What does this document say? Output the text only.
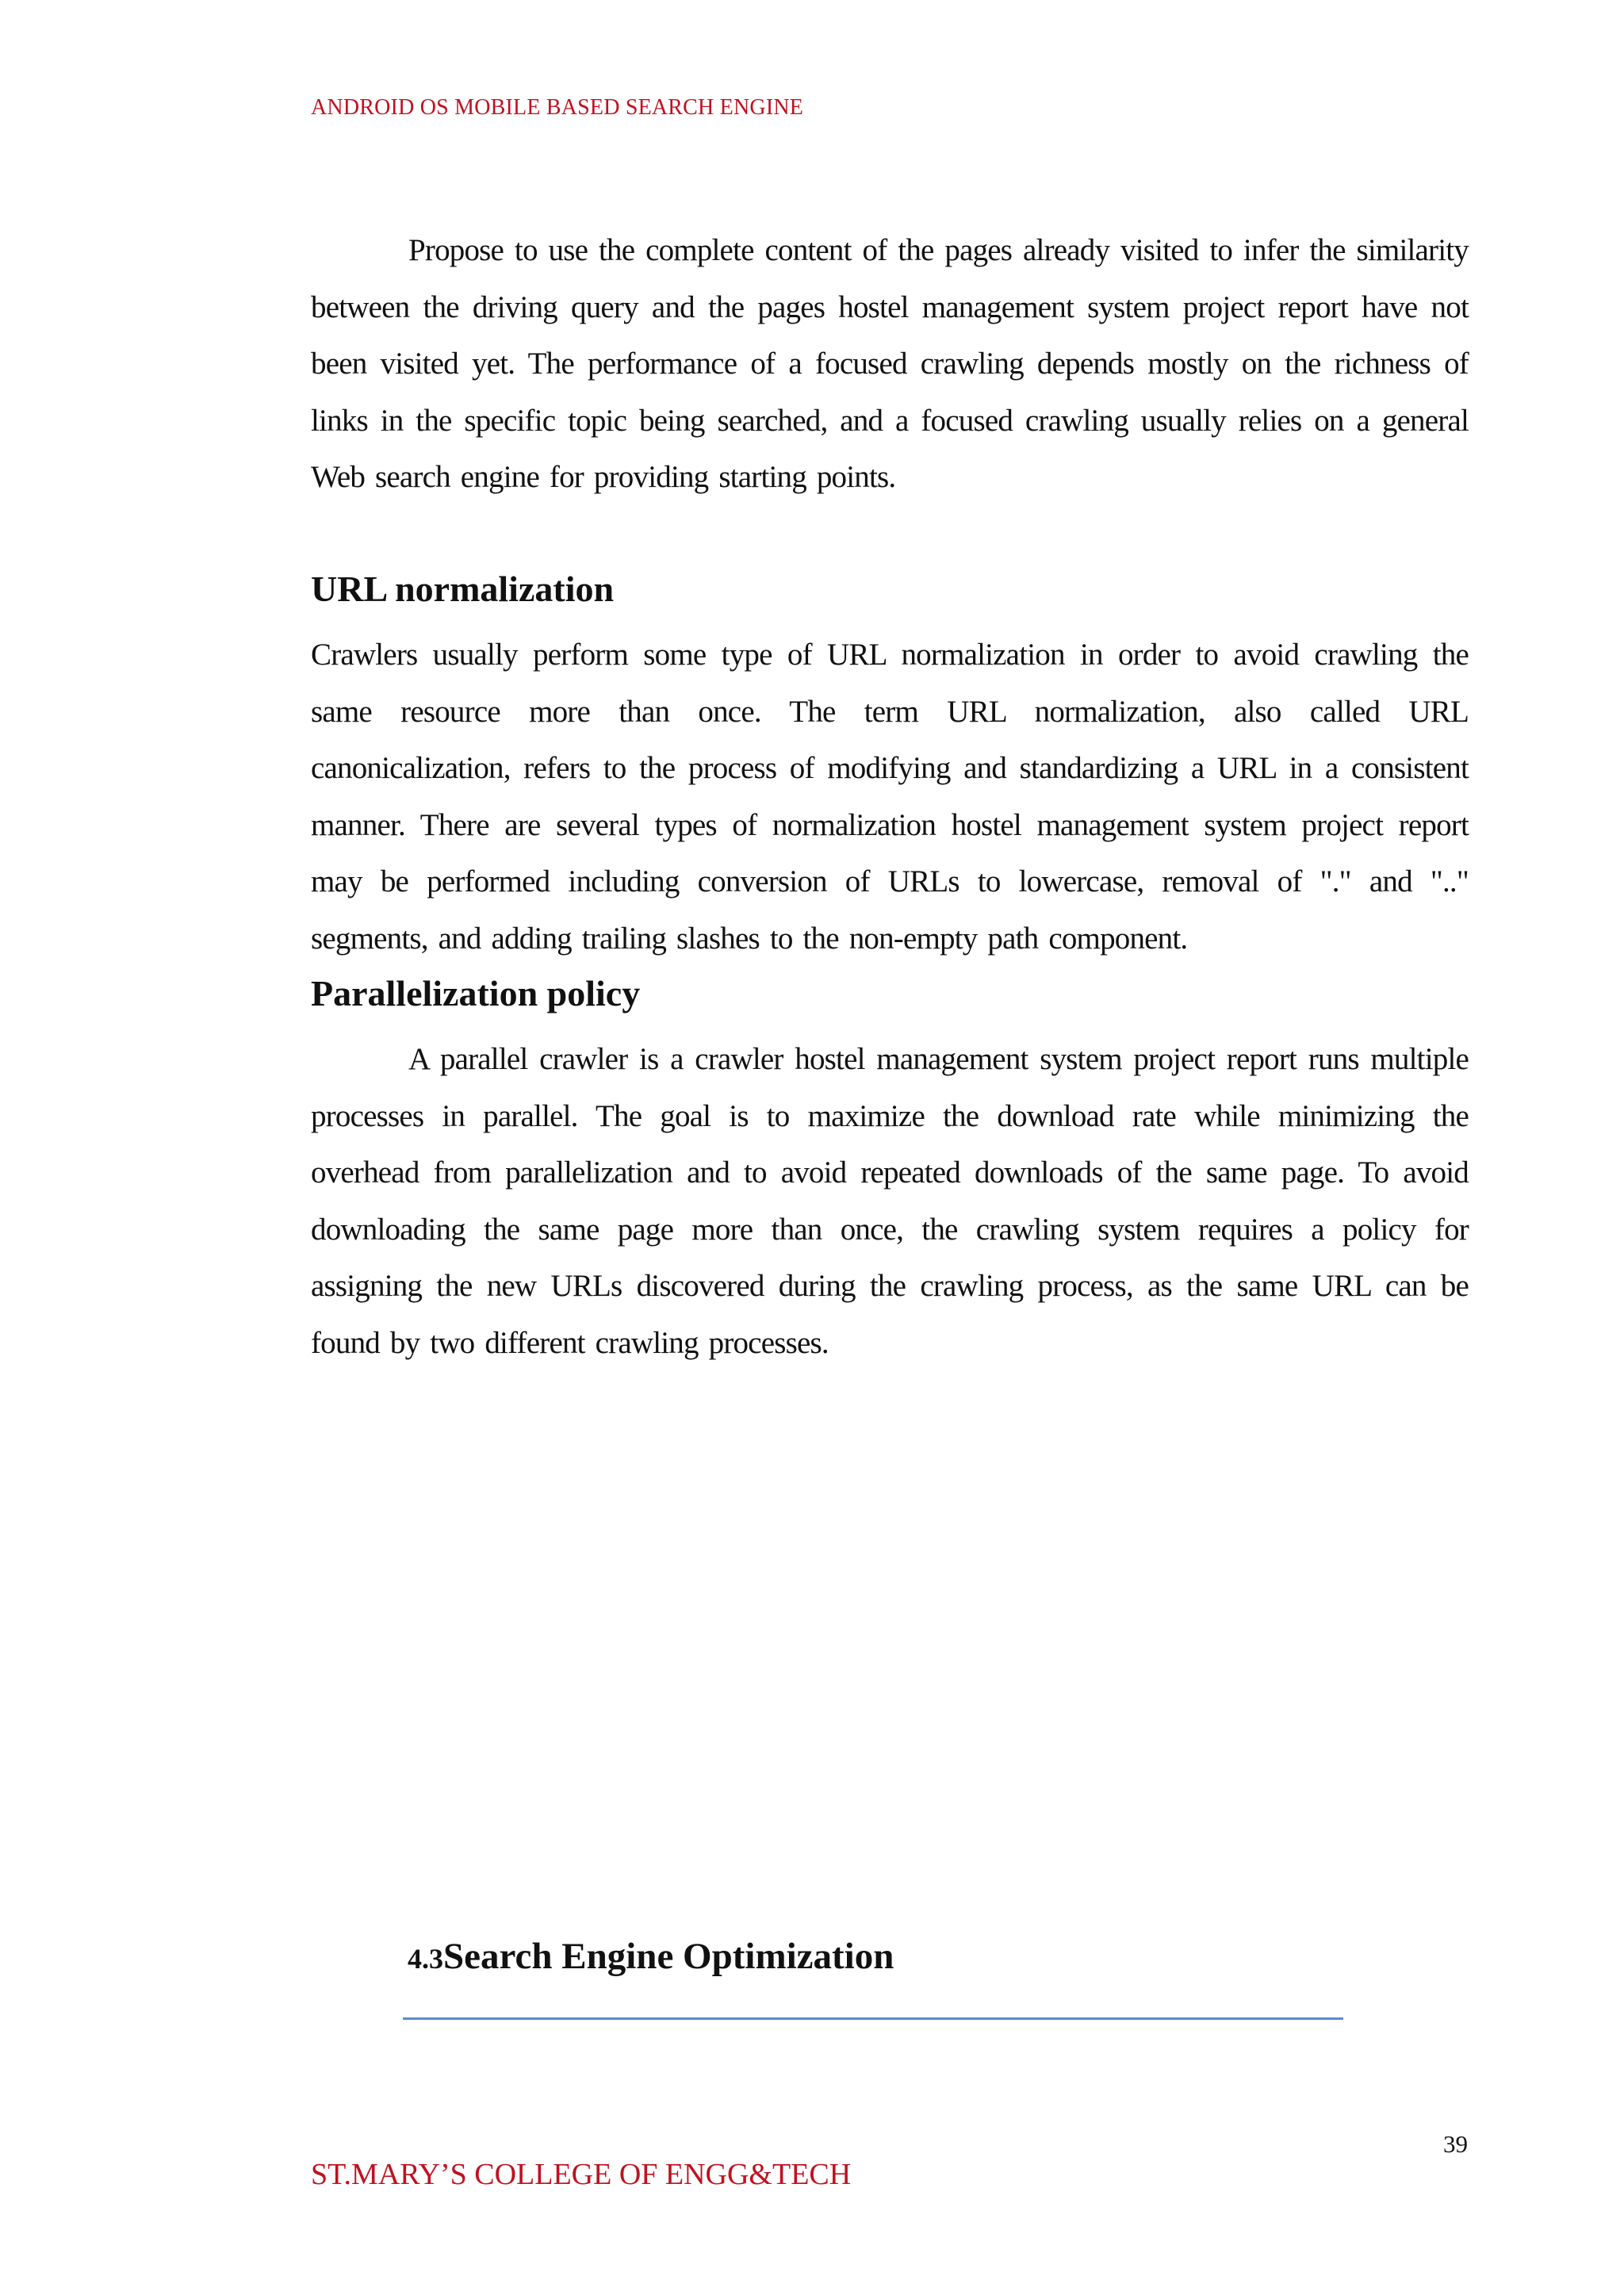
ANDROID OS MOBILE BASED SEARCH ENGINE

Propose to use the complete content of the pages already visited to infer the similarity between the driving query and the pages hostel management system project report have not been visited yet. The performance of a focused crawling depends mostly on the richness of links in the specific topic being searched, and a focused crawling usually relies on a general Web search engine for providing starting points.

URL normalization

Crawlers usually perform some type of URL normalization in order to avoid crawling the same resource more than once. The term URL normalization, also called URL canonicalization, refers to the process of modifying and standardizing a URL in a consistent manner. There are several types of normalization hostel management system project report may be performed including conversion of URLs to lowercase, removal of "." and ".." segments, and adding trailing slashes to the non-empty path component.

Parallelization policy

A parallel crawler is a crawler hostel management system project report runs multiple processes in parallel. The goal is to maximize the download rate while minimizing the overhead from parallelization and to avoid repeated downloads of the same page. To avoid downloading the same page more than once, the crawling system requires a policy for assigning the new URLs discovered during the crawling process, as the same URL can be found by two different crawling processes.

4.3Search Engine Optimization
39
ST.MARY’S COLLEGE OF ENGG&TECH
